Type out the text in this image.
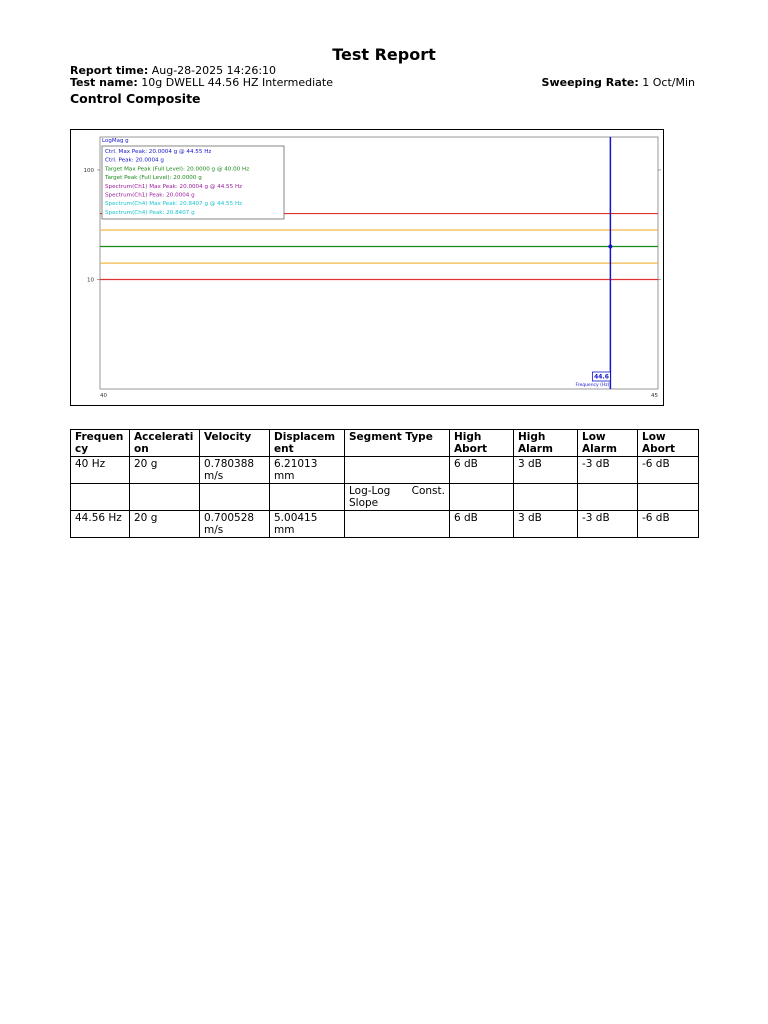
Test Report
Report time: Aug-28-2025 14:26:10
Test name: 10g DWELL 44.56 HZ Intermediate	Sweeping Rate: 1 Oct/Min
Control Composite
LogMag g
100
10
40	45
44.6
Frequency (Hz)
Ctrl. Max Peak: 20.0004 g @ 44.55 Hz
Ctrl. Peak: 20.0004 g
Target Max Peak (Full Level): 20.0000 g @ 40.00 Hz
Target Peak (Full Level): 20.0000 g
Spectrum(Ch1) Max Peak: 20.0004 g @ 44.55 Hz
Spectrum(Ch1) Peak: 20.0004 g
Spectrum(Ch4) Max Peak: 20.8407 g @ 44.55 Hz
Spectrum(Ch4) Peak: 20.8407 g
Frequency	Acceleration	Velocity	Displacement	Segment Type	High Abort	High Alarm	Low Alarm	Low Abort
40 Hz	20 g	0.780388 m/s	6.21013 mm		6 dB	3 dB	-3 dB	-6 dB
				Log-Log Const. Slope				
44.56 Hz	20 g	0.700528 m/s	5.00415 mm		6 dB	3 dB	-3 dB	-6 dB
